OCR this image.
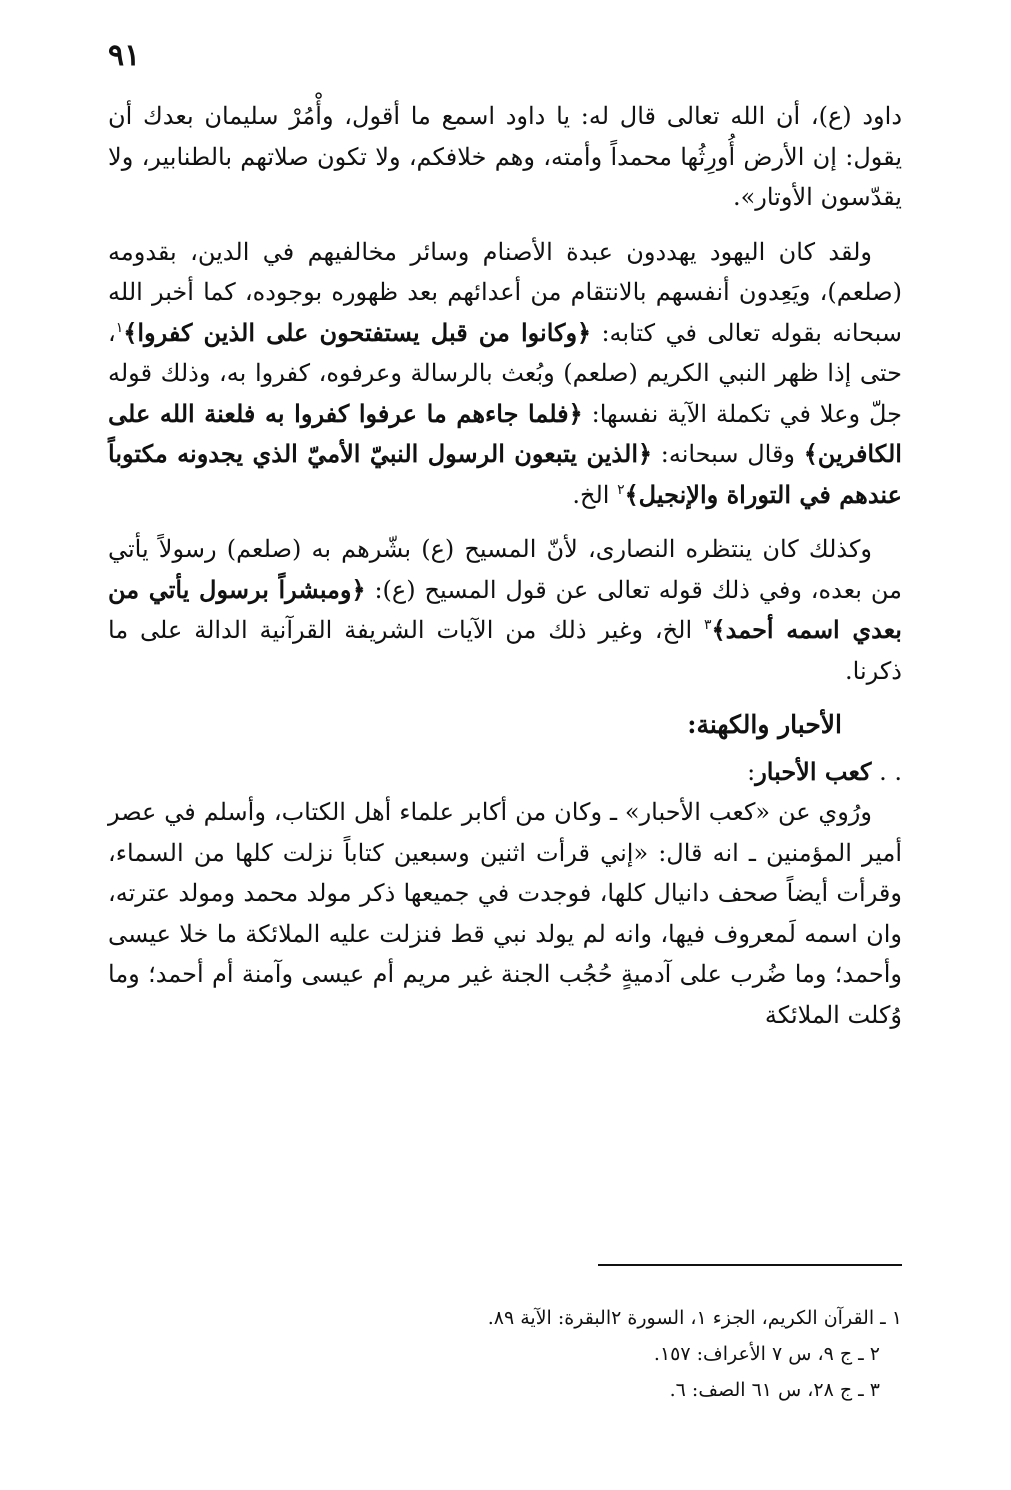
٩١

داود (ع)، أن الله تعالى قال له: يا داود اسمع ما أقول، وأْمُرْ سليمان بعدك أن يقول: إن الأرض أُورِثُها محمداً وأمته، وهم خلافكم، ولا تكون صلاتهم بالطنابير، ولا يقدّسون الأوتار».

ولقد كان اليهود يهددون عبدة الأصنام وسائر مخالفيهم في الدين، بقدومه (صلعم)، ويَعِدون أنفسهم بالانتقام من أعدائهم بعد ظهوره بوجوده، كما أخبر الله سبحانه بقوله تعالى في كتابه: ﴿وكانوا من قبل يستفتحون على الذين كفروا﴾$^١$، حتى إذا ظهر النبي الكريم (صلعم) وبُعث بالرسالة وعرفوه، كفروا به، وذلك قوله جلّ وعلا في تكملة الآية نفسها: ﴿فلما جاءهم ما عرفوا كفروا به فلعنة الله على الكافرين﴾ وقال سبحانه: ﴿الذين يتبعون الرسول النبيّ الأميّ الذي يجدونه مكتوباً عندهم في التوراة والإنجيل﴾$^٢$ الخ.

وكذلك كان ينتظره النصارى، لأنّ المسيح (ع) بشّرهم به (صلعم) رسولاً يأتي من بعده، وفي ذلك قوله تعالى عن قول المسيح (ع): ﴿ومبشراً برسول يأتي من بعدي اسمه أحمد﴾$^٣$ الخ، وغير ذلك من الآيات الشريفة القرآنية الدالة على ما ذكرنا.

الأحبار والكهنة:

. . كعب الأحبار:

ورُوي عن «كعب الأحبار» ـ وكان من أكابر علماء أهل الكتاب، وأسلم في عصر أمير المؤمنين ـ انه قال: «إني قرأت اثنين وسبعين كتاباً نزلت كلها من السماء، وقرأت أيضاً صحف دانيال كلها، فوجدت في جميعها ذكر مولد محمد ومولد عترته، وان اسمه لَمعروف فيها، وانه لم يولد نبي قط فنزلت عليه الملائكة ما خلا عيسى وأحمد؛ وما ضُرب على آدميةٍ حُجُب الجنة غير مريم أم عيسى وآمنة أم أحمد؛ وما وُكلت الملائكة

١ ـ القرآن الكريم، الجزء ١، السورة ٢البقرة: الآية ٨٩.

٢ ـ ج ٩، س ٧ الأعراف: ١٥٧.

٣ ـ ج ٢٨، س ٦١ الصف: ٦.
